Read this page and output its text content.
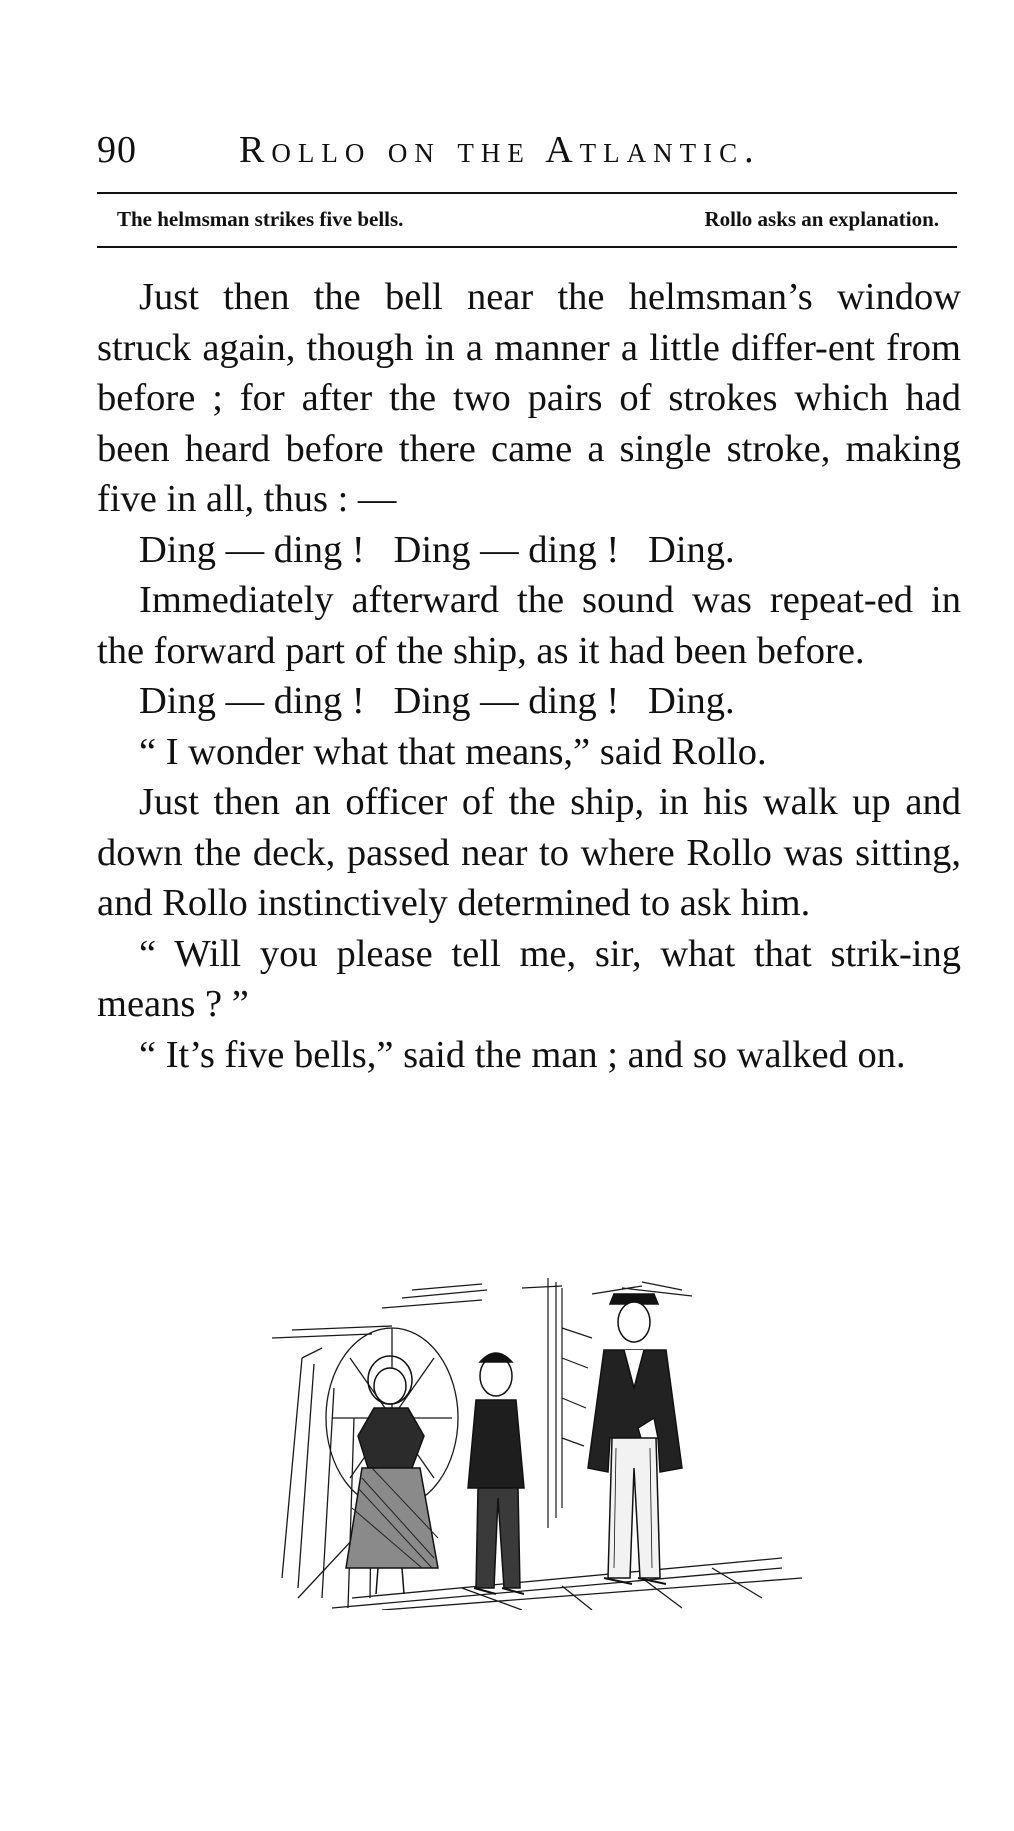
90	Rollo on the Atlantic.
The helmsman strikes five bells.	Rollo asks an explanation.

Just then the bell near the helmsman’s window struck again, though in a manner a little differ-ent from before ; for after the two pairs of strokes which had been heard before there came a single stroke, making five in all, thus : —

Ding — ding !   Ding — ding !   Ding.

Immediately afterward the sound was repeat-ed in the forward part of the ship, as it had been before.

Ding — ding !   Ding — ding !   Ding.

“ I wonder what that means,” said Rollo.

Just then an officer of the ship, in his walk up and down the deck, passed near to where Rollo was sitting, and Rollo instinctively determined to ask him.

“ Will you please tell me, sir, what that strik-ing means ? ”

“ It’s five bells,” said the man ; and so walked on.
